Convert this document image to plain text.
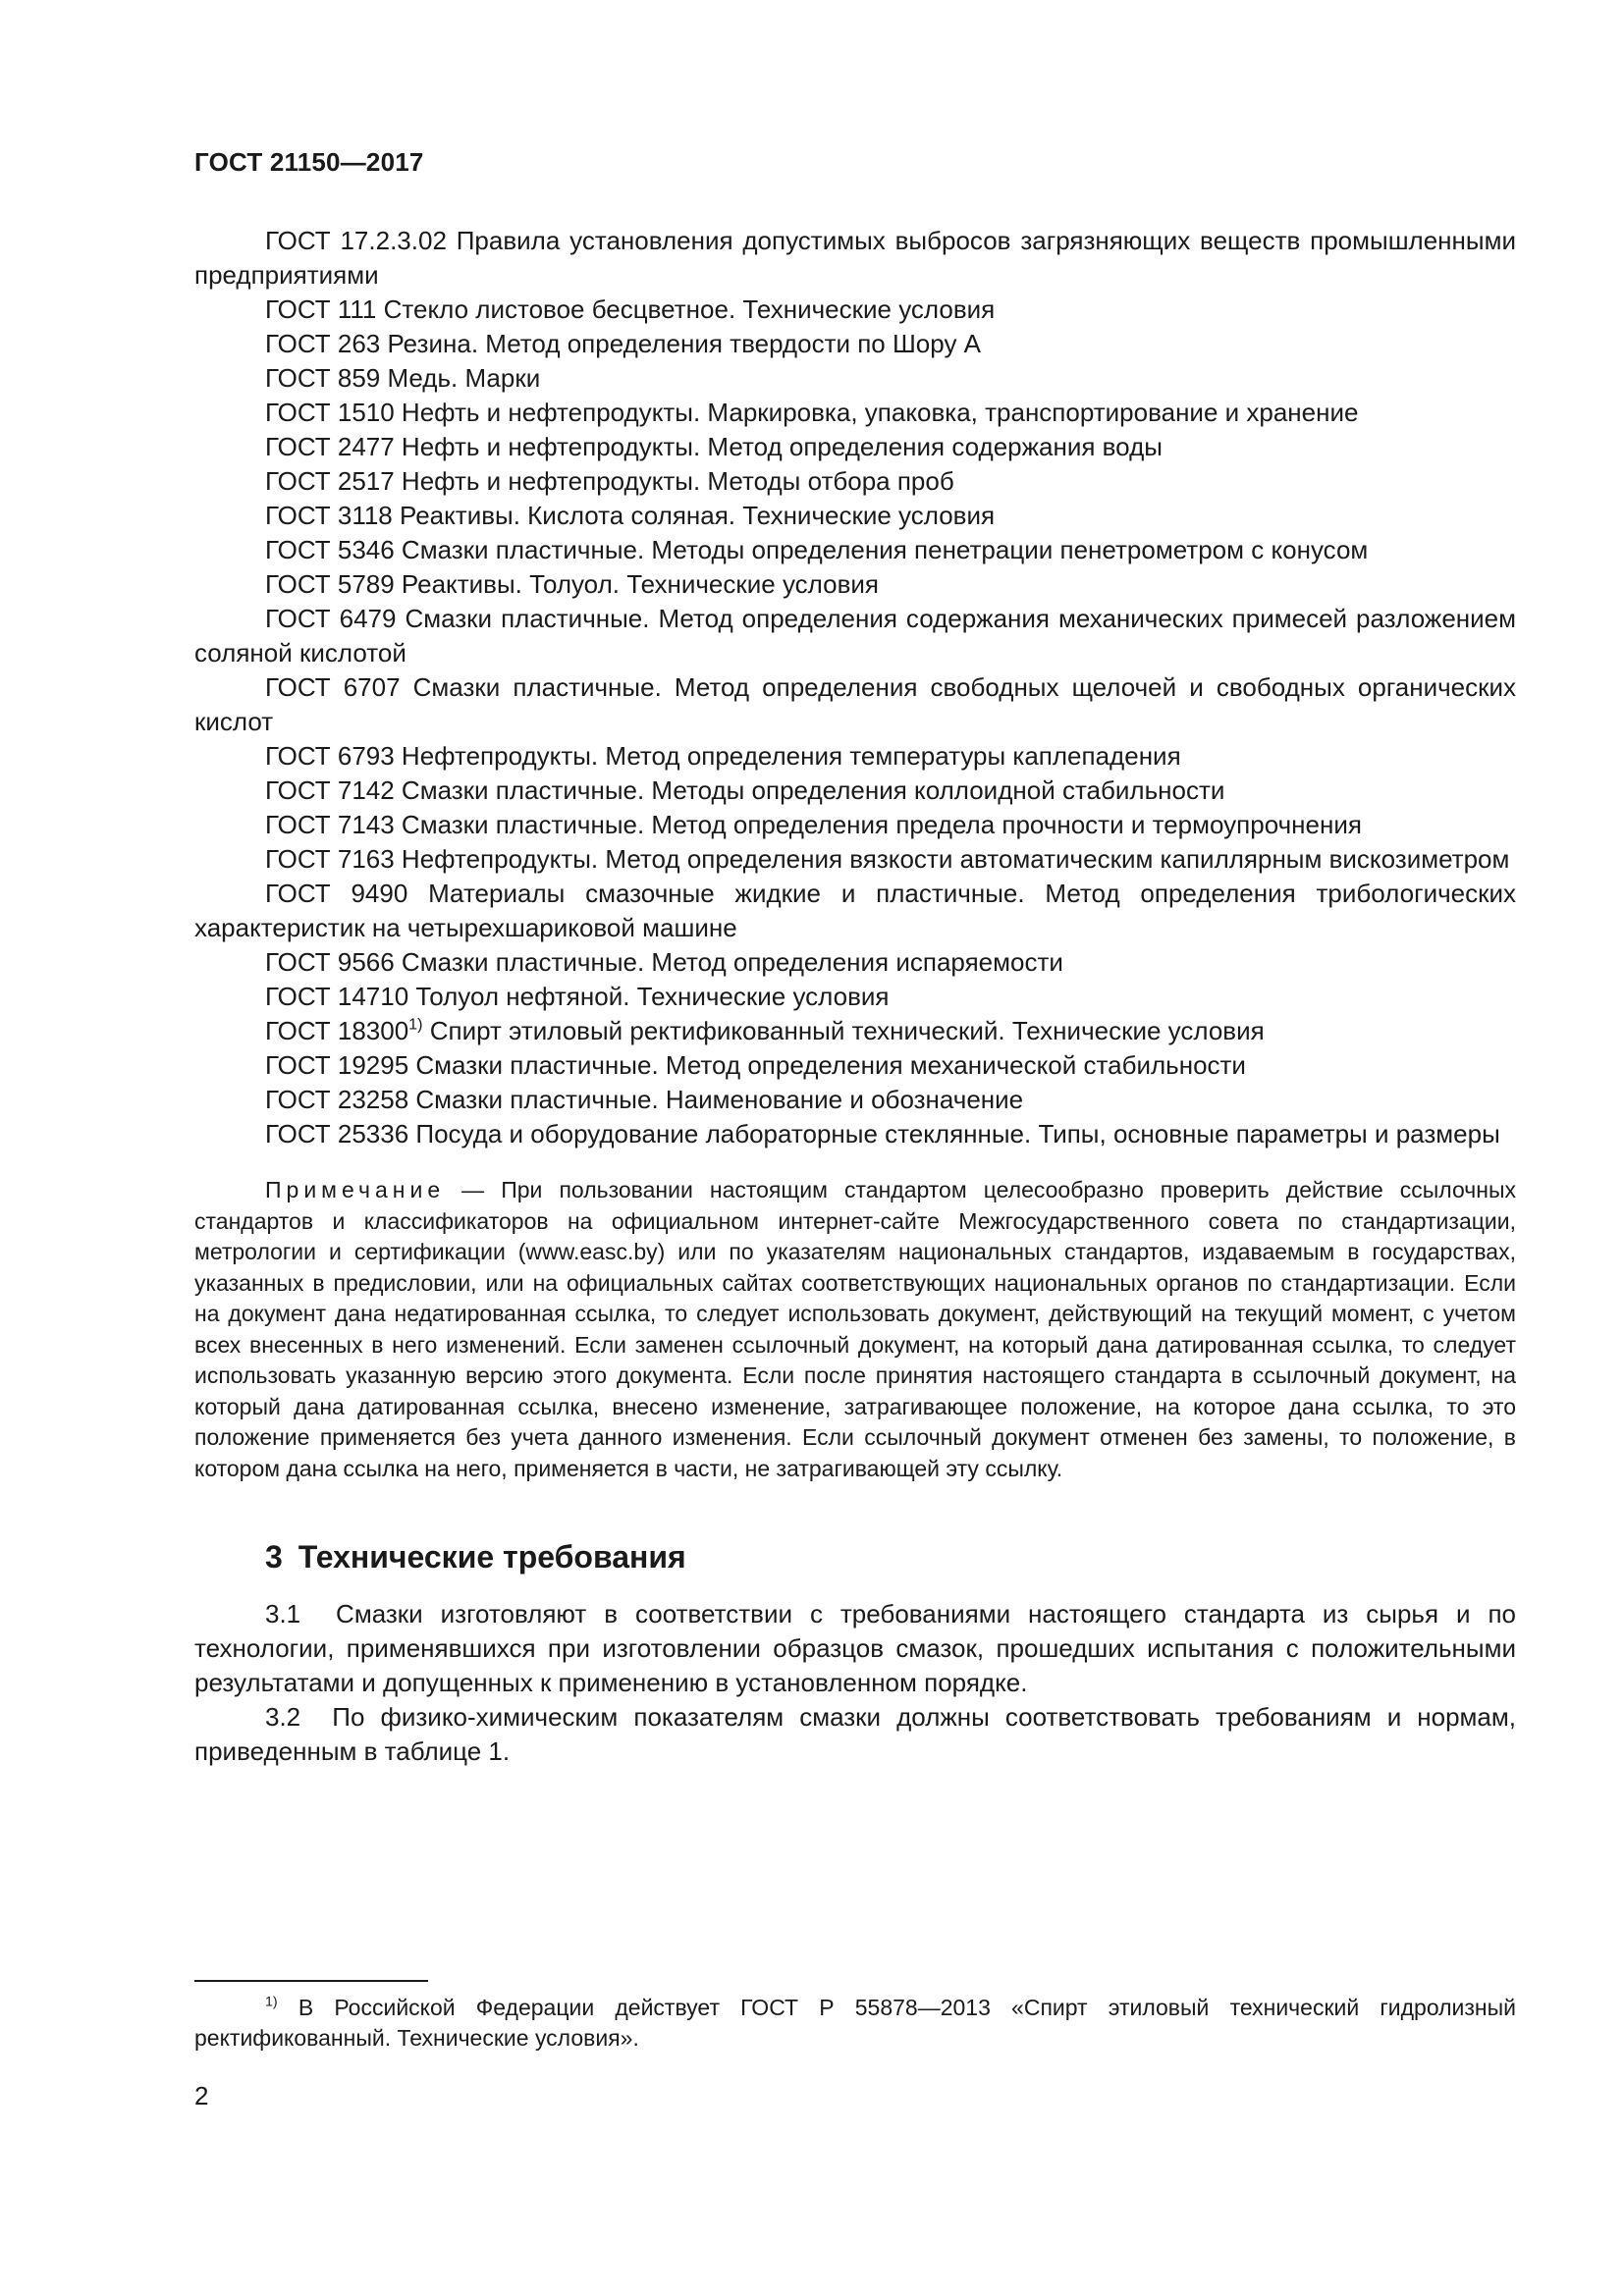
ГОСТ 21150—2017

ГОСТ 17.2.3.02 Правила установления допустимых выбросов загрязняющих веществ промышленными предприятиями

ГОСТ 111 Стекло листовое бесцветное. Технические условия

ГОСТ 263 Резина. Метод определения твердости по Шору А

ГОСТ 859 Медь. Марки

ГОСТ 1510 Нефть и нефтепродукты. Маркировка, упаковка, транспортирование и хранение

ГОСТ 2477 Нефть и нефтепродукты. Метод определения содержания воды

ГОСТ 2517 Нефть и нефтепродукты. Методы отбора проб

ГОСТ 3118 Реактивы. Кислота соляная. Технические условия

ГОСТ 5346 Смазки пластичные. Методы определения пенетрации пенетрометром с конусом

ГОСТ 5789 Реактивы. Толуол. Технические условия

ГОСТ 6479 Смазки пластичные. Метод определения содержания механических примесей разложением соляной кислотой

ГОСТ 6707 Смазки пластичные. Метод определения свободных щелочей и свободных органических кислот

ГОСТ 6793 Нефтепродукты. Метод определения температуры каплепадения

ГОСТ 7142 Смазки пластичные. Методы определения коллоидной стабильности

ГОСТ 7143 Смазки пластичные. Метод определения предела прочности и термоупрочнения

ГОСТ 7163 Нефтепродукты. Метод определения вязкости автоматическим капиллярным вискозиметром

ГОСТ 9490 Материалы смазочные жидкие и пластичные. Метод определения трибологических характеристик на четырехшариковой машине

ГОСТ 9566 Смазки пластичные. Метод определения испаряемости

ГОСТ 14710 Толуол нефтяной. Технические условия

ГОСТ 18300$^{1)}$ Спирт этиловый ректификованный технический. Технические условия

ГОСТ 19295 Смазки пластичные. Метод определения механической стабильности

ГОСТ 23258 Смазки пластичные. Наименование и обозначение

ГОСТ 25336 Посуда и оборудование лабораторные стеклянные. Типы, основные параметры и размеры

Примечание — При пользовании настоящим стандартом целесообразно проверить действие ссылочных стандартов и классификаторов на официальном интернет-сайте Межгосударственного совета по стандартизации, метрологии и сертификации (www.easc.by) или по указателям национальных стандартов, издаваемым в государствах, указанных в предисловии, или на официальных сайтах соответствующих национальных органов по стандартизации. Если на документ дана недатированная ссылка, то следует использовать документ, действующий на текущий момент, с учетом всех внесенных в него изменений. Если заменен ссылочный документ, на который дана датированная ссылка, то следует использовать указанную версию этого документа. Если после принятия настоящего стандарта в ссылочный документ, на который дана датированная ссылка, внесено изменение, затрагивающее положение, на которое дана ссылка, то это положение применяется без учета данного изменения. Если ссылочный документ отменен без замены, то положение, в котором дана ссылка на него, применяется в части, не затрагивающей эту ссылку.

3 Технические требования

3.1 Смазки изготовляют в соответствии с требованиями настоящего стандарта из сырья и по технологии, применявшихся при изготовлении образцов смазок, прошедших испытания с положительными результатами и допущенных к применению в установленном порядке.

3.2 По физико-химическим показателям смазки должны соответствовать требованиям и нормам, приведенным в таблице 1.

$^{1)}$ В Российской Федерации действует ГОСТ Р 55878—2013 «Спирт этиловый технический гидролизный ректификованный. Технические условия».

2
